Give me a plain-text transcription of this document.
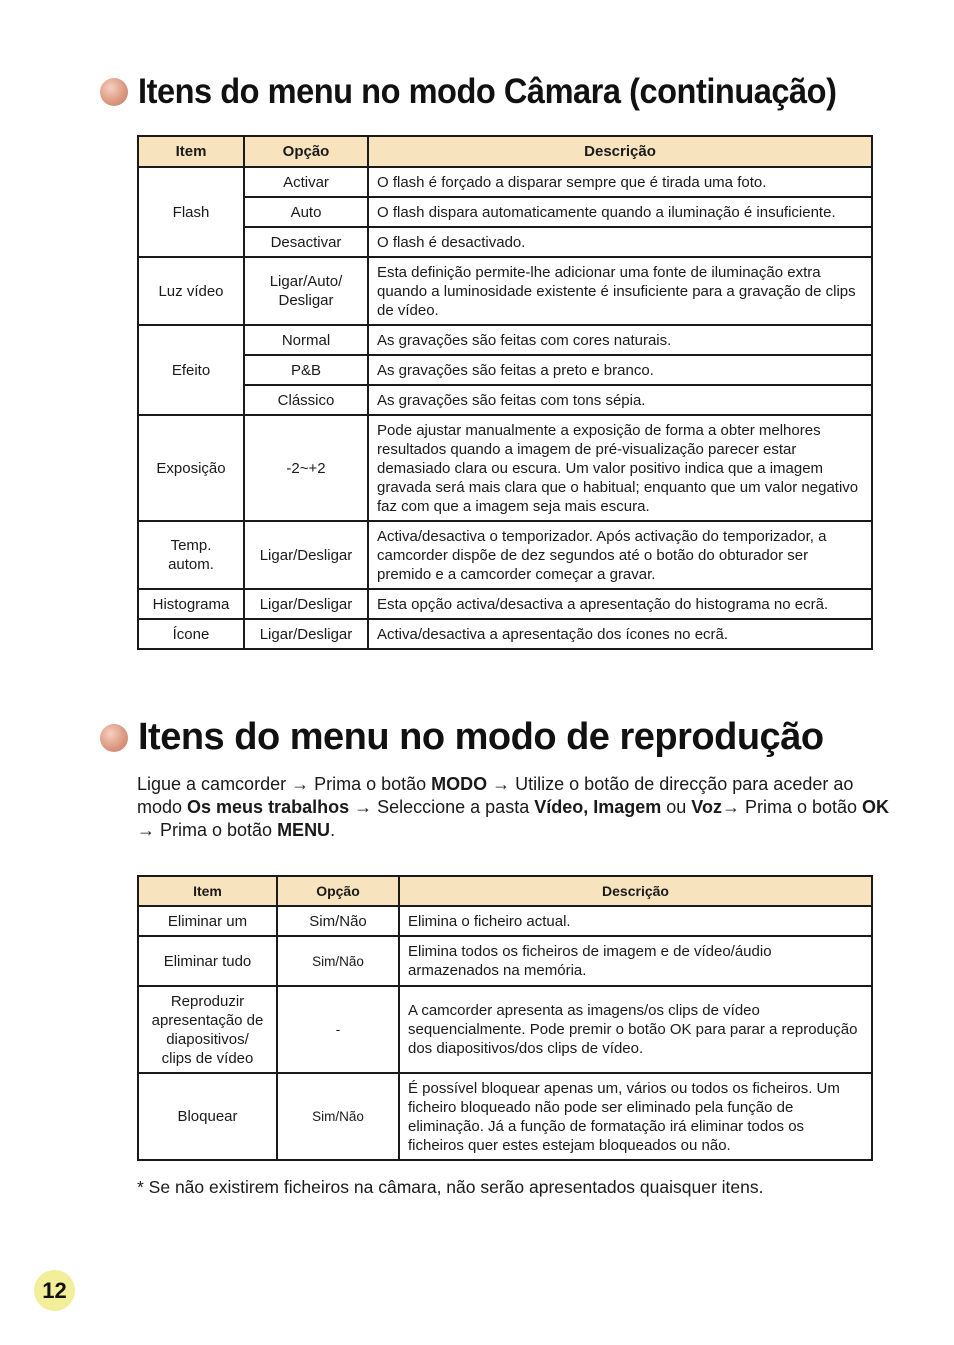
Itens do menu no modo Câmara (continuação)
Item	Opção	Descrição
Flash	Activar	O flash é forçado a disparar sempre que é tirada uma foto.
	Auto	O flash dispara automaticamente quando a iluminação é insuficiente.
	Desactivar	O flash é desactivado.
Luz vídeo	Ligar/Auto/ Desligar	Esta definição permite-lhe adicionar uma fonte de iluminação extra quando a luminosidade existente é insuficiente para a gravação de clips de vídeo.
Efeito	Normal	As gravações são feitas com cores naturais.
	P&B	As gravações são feitas a preto e branco.
	Clássico	As gravações são feitas com tons sépia.
Exposição	-2~+2	Pode ajustar manualmente a exposição de forma a obter melhores resultados quando a imagem de pré-visualização parecer estar demasiado clara ou escura. Um valor positivo indica que a imagem gravada será mais clara que o habitual; enquanto que um valor negativo faz com que a imagem seja mais escura.
Temp. autom.	Ligar/Desligar	Activa/desactiva o temporizador. Após activação do temporizador, a camcorder dispõe de dez segundos até o botão do obturador ser premido e a camcorder começar a gravar.
Histograma	Ligar/Desligar	Esta opção activa/desactiva a apresentação do histograma no ecrã.
Ícone	Ligar/Desligar	Activa/desactiva a apresentação dos ícones no ecrã.
Itens do menu no modo de reprodução
Ligue a camcorder → Prima o botão MODO → Utilize o botão de direcção para aceder ao modo Os meus trabalhos → Seleccione a pasta Vídeo, Imagem ou Voz→ Prima o botão OK → Prima o botão MENU.
Item	Opção	Descrição
Eliminar um	Sim/Não	Elimina o ficheiro actual.
Eliminar tudo	Sim/Não	Elimina todos os ficheiros de imagem e de vídeo/áudio armazenados na memória.
Reproduzir apresentação de diapositivos/ clips de vídeo	-	A camcorder apresenta as imagens/os clips de vídeo sequencialmente. Pode premir o botão OK para parar a reprodução dos diapositivos/dos clips de vídeo.
Bloquear	Sim/Não	É possível bloquear apenas um, vários ou todos os ficheiros. Um ficheiro bloqueado não pode ser eliminado pela função de eliminação. Já a função de formatação irá eliminar todos os ficheiros quer estes estejam bloqueados ou não.
* Se não existirem ficheiros na câmara, não serão apresentados quaisquer itens.
12
